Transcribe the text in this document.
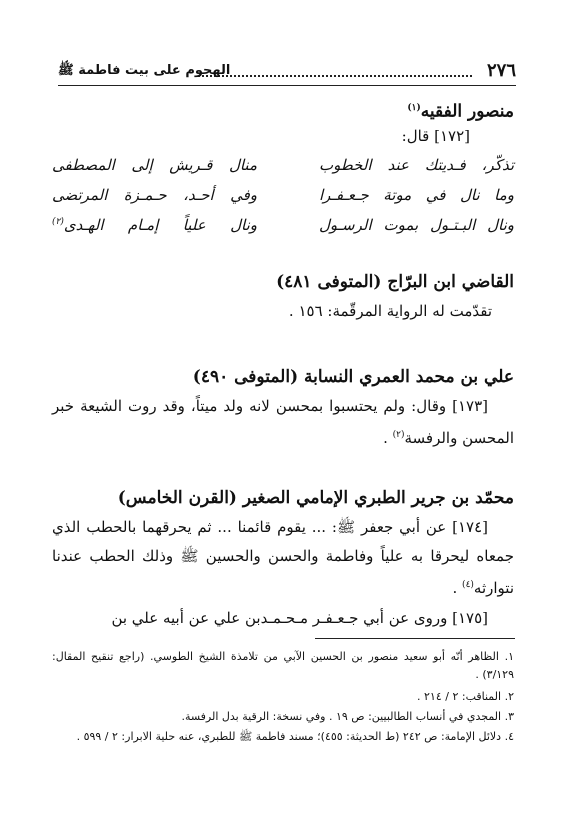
٢٧٦
الهجوم على بيت فاطمة ﷺ
منصور الفقيه$^{(١)}$
[١٧٢] قال:
تذكّر، فـديتك عند الخطوب
منال قـريش إلى المصطفى
وما نال في موتة جـعـفـرا
وفي أحـد، حـمـزة المرتضى
ونال البـتـول بموت الرسـول
ونال علياً إمـام الهـدى$^{(٢)}$
القاضي ابن البرّاج (المتوفى ٤٨١)
تقدّمت له الرواية المرقّمة: ١٥٦ .
علي بن محمد العمري النسابة (المتوفى ٤٩٠)
[١٧٣] وقال: ولم يحتسبوا بمحسن لانه ولد ميتاً، وقد روت الشيعة خبر المحسن والرفسة$^{(٢)}$ .
محمّد بن جرير الطبري الإمامي الصغير (القرن الخامس)
[١٧٤] عن أبي جعفر ﷺ: ... يقوم قائمنا ... ثم يحرقهما بالحطب الذي جمعاه ليحرقا به علياً وفاطمة والحسن والحسين ﷺ وذلك الحطب عندنا نتوارثه$^{(٤)}$ .
[١٧٥] وروى عن أبي جـعـفـر مـحـمـدبن علي عن أبيه علي بن
١. الظاهر أنّه أبو سعيد منصور بن الحسين الآبي من تلامذة الشيخ الطوسي. (راجع تنقيح المقال: ٣/١٢٩) .
٢. المناقب: ٢ / ٢١٤ .
٣. المجدي في أنساب الطالبيين: ص ١٩ . وفي نسخة: الرقية بدل الرفسة.
٤. دلائل الإمامة: ص ٢٤٢ (ط الحديثة: ٤٥٥)؛ مسند فاطمة ﷺ للطبري، عنه حلية الابرار: ٢ / ٥٩٩ .
